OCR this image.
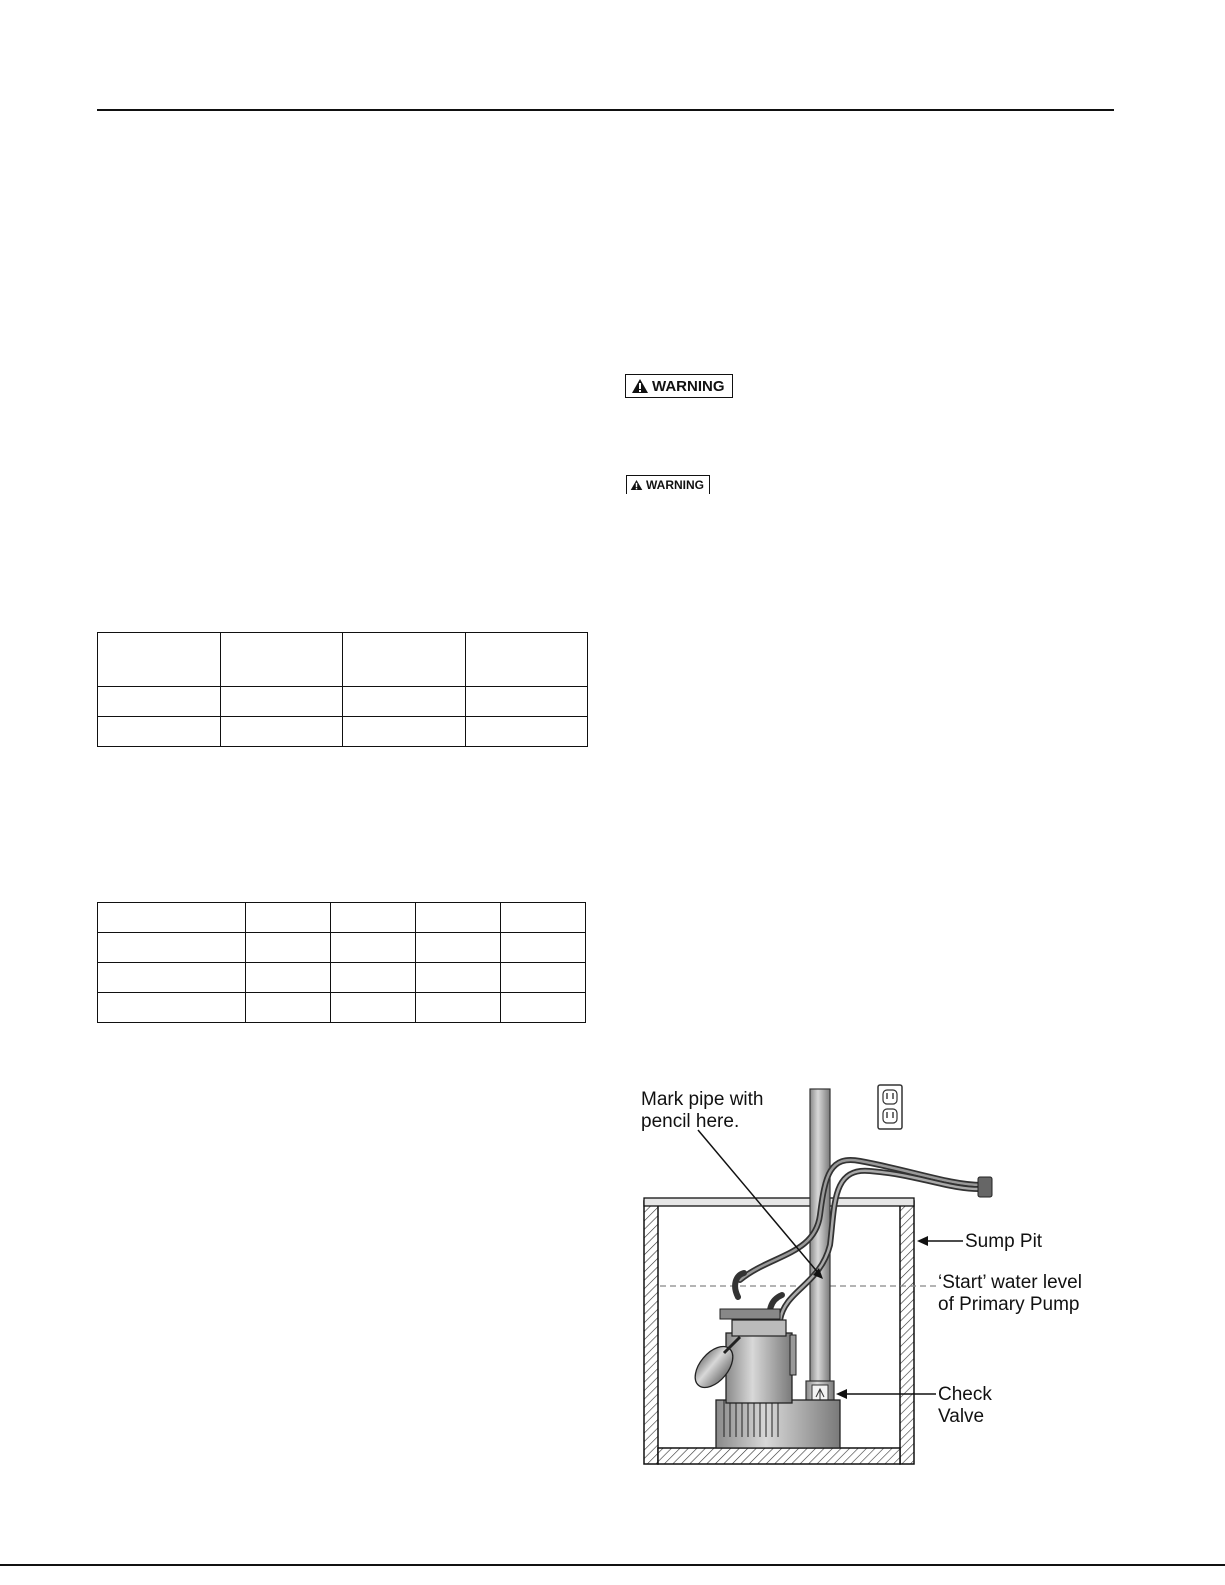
WARNING
WARNING

Mark pipe with
pencil here.
Sump Pit
‘Start’ water level
of Primary Pump
Check
Valve
